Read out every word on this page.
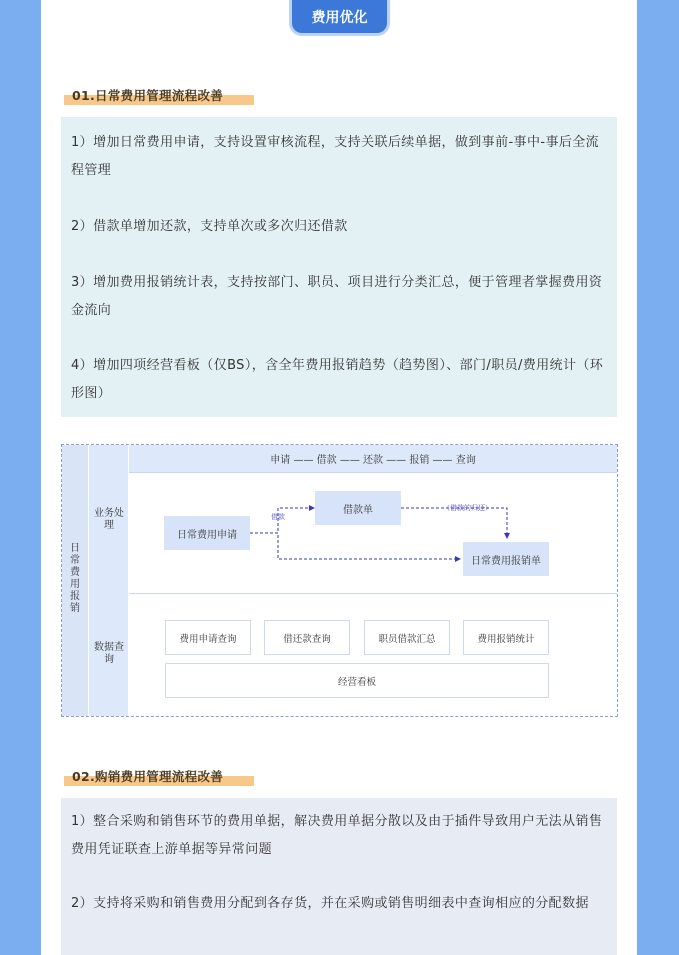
费用优化
01.日常费用管理流程改善
1）增加日常费用申请，支持设置审核流程，支持关联后续单据，做到事前-事中-事后全流程管理
2）借款单增加还款，支持单次或多次归还借款
3）增加费用报销统计表，支持按部门、职员、项目进行分类汇总，便于管理者掌握费用资金流向
4）增加四项经营看板（仅BS），含全年费用报销趋势（趋势图）、部门/职员/费用统计（环形图）
日常费用报销
业务处理
数据查询
申请 —— 借款 —— 还款 —— 报销 —— 查询
日常费用申请
借款单
日常费用报销单
借款
（借款的归还）
费用申请查询	借还款查询	职员借款汇总	费用报销统计
经营看板
02.购销费用管理流程改善
1）整合采购和销售环节的费用单据，解决费用单据分散以及由于插件导致用户无法从销售费用凭证联查上游单据等异常问题
2）支持将采购和销售费用分配到各存货，并在采购或销售明细表中查询相应的分配数据
